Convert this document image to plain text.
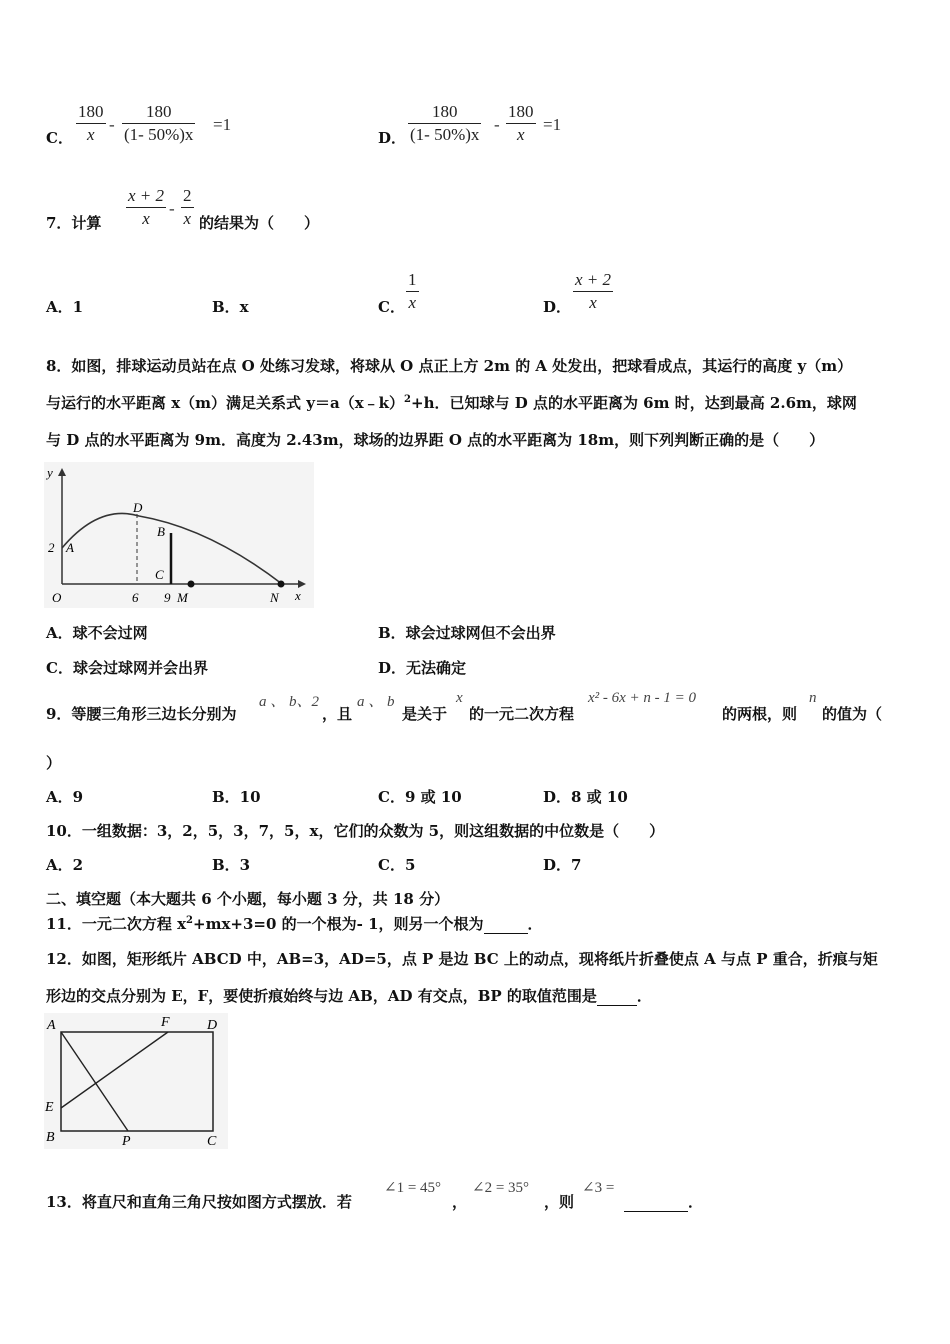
C． $\frac{180}{x} - \frac{180}{(1- 50\%)x} =1$
D． $\frac{180}{(1- 50\%)x} - \frac{180}{x} =1$
7．计算 $\frac{x + 2}{x} - \frac{2}{x}$ 的结果为（　　）
A．1	B．x	C． $\frac{1}{x}$	D． $\frac{x + 2}{x}$
8．如图，排球运动员站在点 O 处练习发球，将球从 O 点正上方 2m 的 A 处发出，把球看成点，其运行的高度 y（m）
与运行的水平距离 x（m）满足关系式 y＝a（x﹣k）$^2$+h．已知球与 D 点的水平距离为 6m 时，达到最高 2.6m，球网
与 D 点的水平距离为 9m．高度为 2.43m，球场的边界距 O 点的水平距离为 18m，则下列判断正确的是（　　）
y
x
O
A
2
D
B
C
6 9 M	N
A．球不会过网	B．球会过球网但不会出界
C．球会过球网并会出界	D．无法确定
9．等腰三角形三边长分别为
a 、 b、2
，且
a 、 b
是关于
x
的一元二次方程
x² - 6x + n - 1 = 0
的两根，则
n
的值为（
）
A．9	B．10	C．9 或 10	D．8 或 10
10．一组数据：3，2，5，3，7，5，x，它们的众数为 5，则这组数据的中位数是（　　）
A．2	B．3	C．5	D．7
二、填空题（本大题共 6 个小题，每小题 3 分，共 18 分）
11．一元二次方程 $x^2+mx+3=0$ 的一个根为- 1，则另一个根为	．
12．如图，矩形纸片 ABCD 中，AB=3，AD=5，点 P 是边 BC 上的动点，现将纸片折叠使点 A 与点 P 重合，折痕与矩
形边的交点分别为 E，F，要使折痕始终与边 AB，AD 有交点，BP 的取值范围是	．
A	F	D
E
B	P	C
13．将直尺和直角三角尺按如图方式摆放．若
∠1 = 45°
，
∠2 = 35°
，则
∠3 =
．
